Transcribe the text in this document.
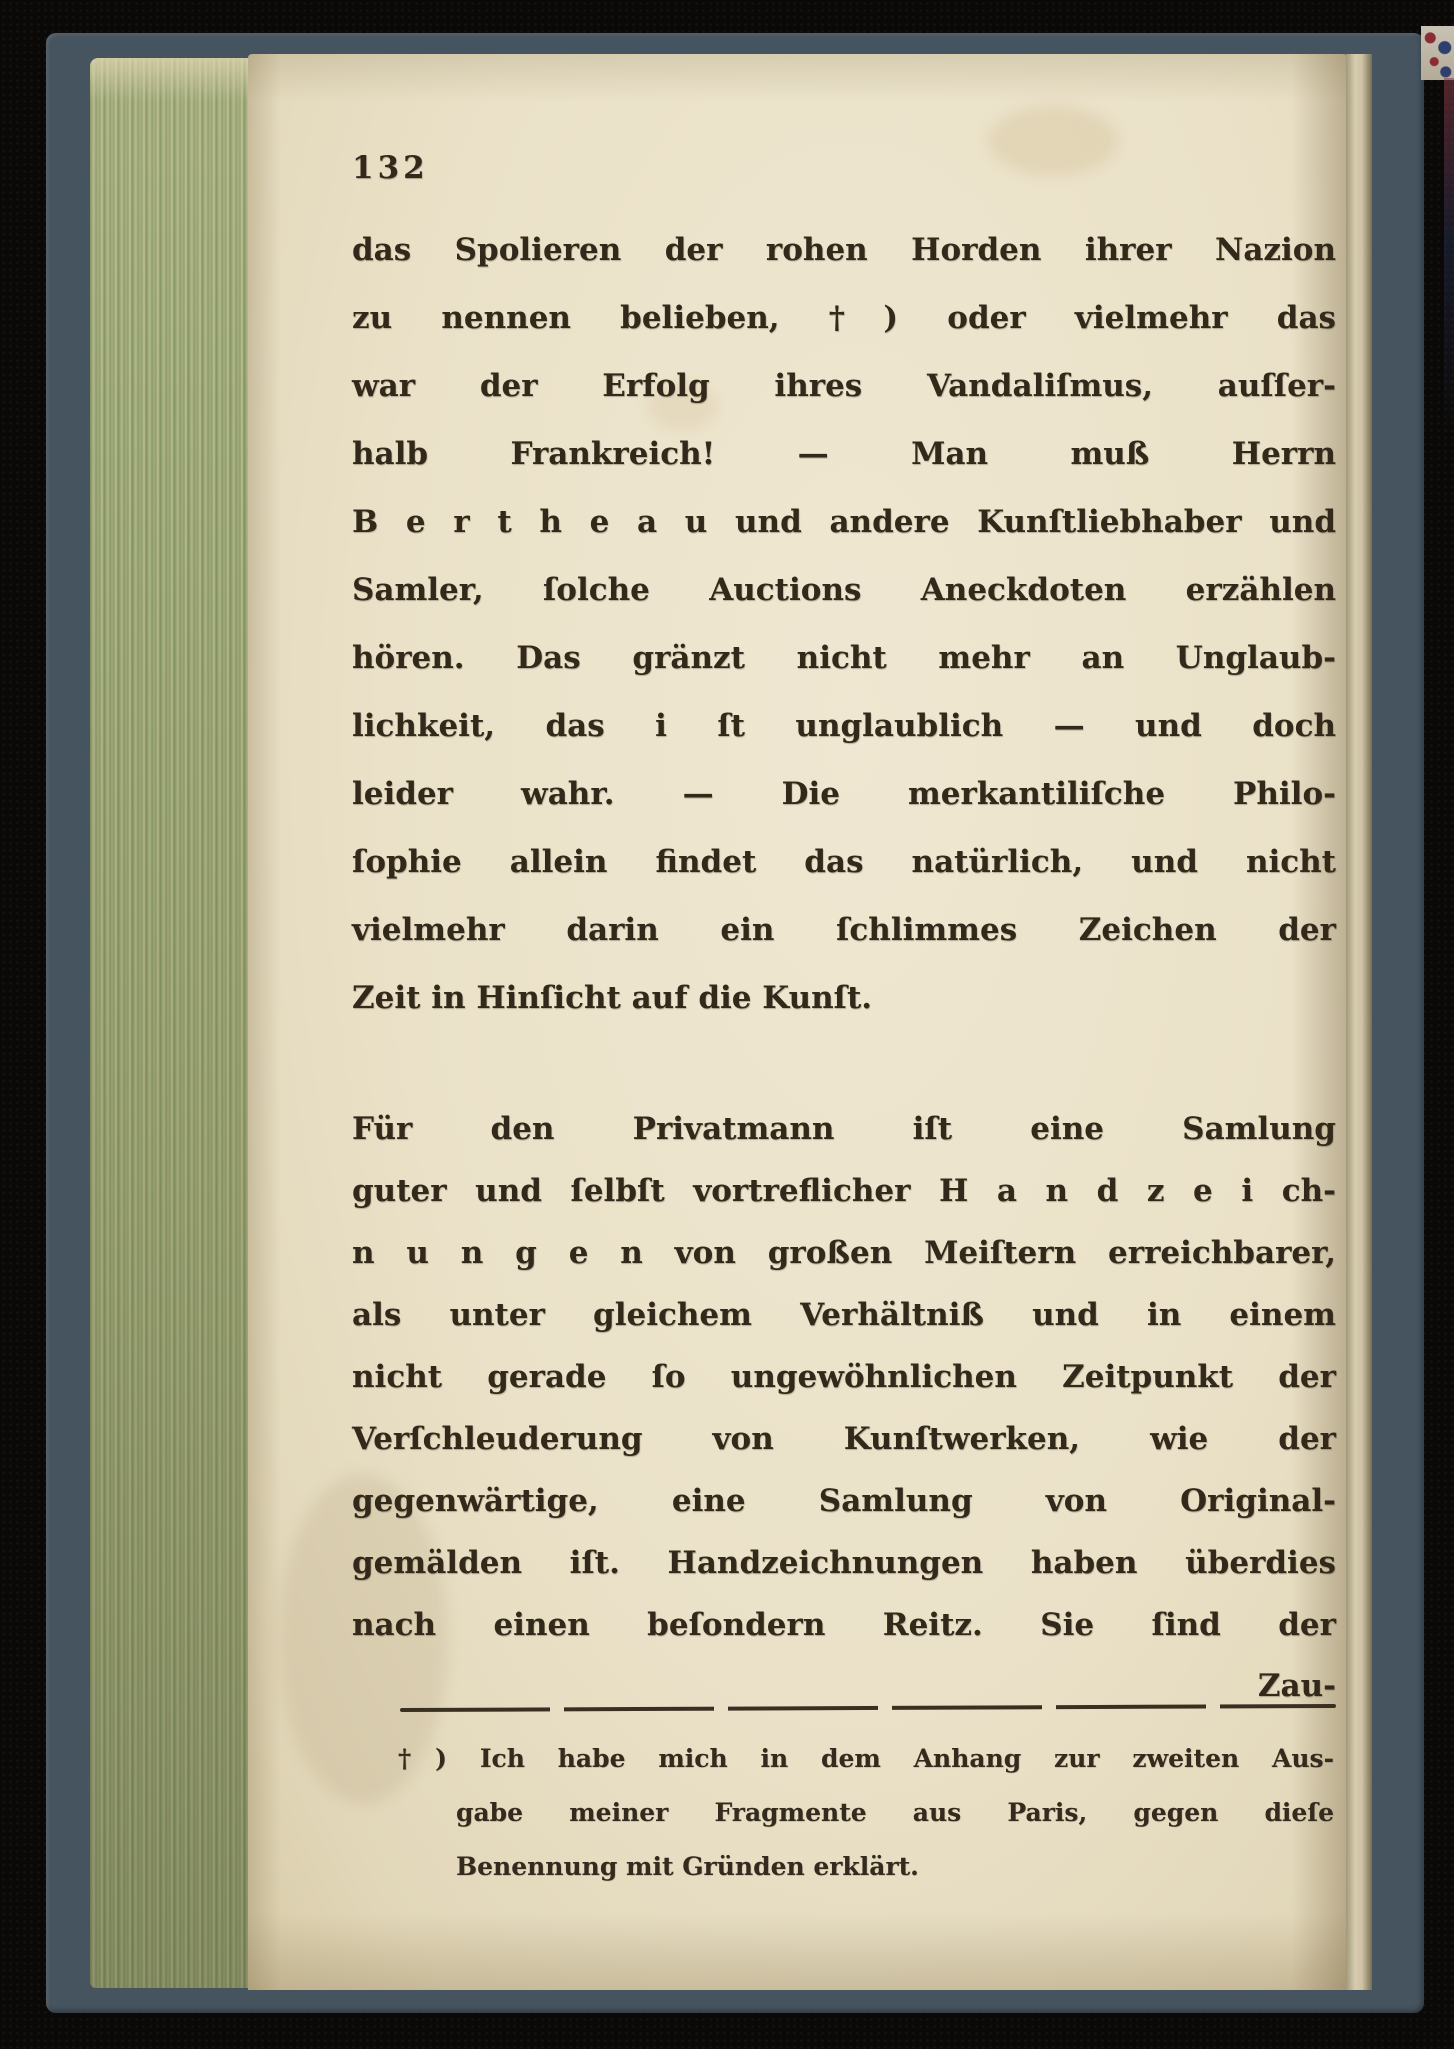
132
das Spolieren der rohen Horden ihrer Nazion
zu nennen belieben, †) oder vielmehr das
war der Erfolg ihres Vandaliſmus, auſſer-
halb Frankreich! — Man muß Herrn
B e r t h e a u und andere Kunſtliebhaber und
Samler, ſolche Auctions Aneckdoten erzählen
hören. Das gränzt nicht mehr an Unglaub-
lichkeit, das i ſt unglaublich — und doch
leider wahr. — Die merkantiliſche Philo-
ſophie allein findet das natürlich, und nicht
vielmehr darin ein ſchlimmes Zeichen der
Zeit in Hinſicht auf die Kunſt.
Für den Privatmann iſt eine Samlung
guter und ſelbſt vortreflicher H a n d z e i ch-
n u n g e n von großen Meiſtern erreichbarer,
als unter gleichem Verhältniß und in einem
nicht gerade ſo ungewöhnlichen Zeitpunkt der
Verſchleuderung von Kunſtwerken, wie der
gegenwärtige, eine Samlung von Original-
gemälden iſt. Handzeichnungen haben überdies
nach einen beſondern Reitz. Sie ſind der
Zau-
†) Ich habe mich in dem Anhang zur zweiten Aus-
gabe meiner Fragmente aus Paris, gegen dieſe
Benennung mit Gründen erklärt.
